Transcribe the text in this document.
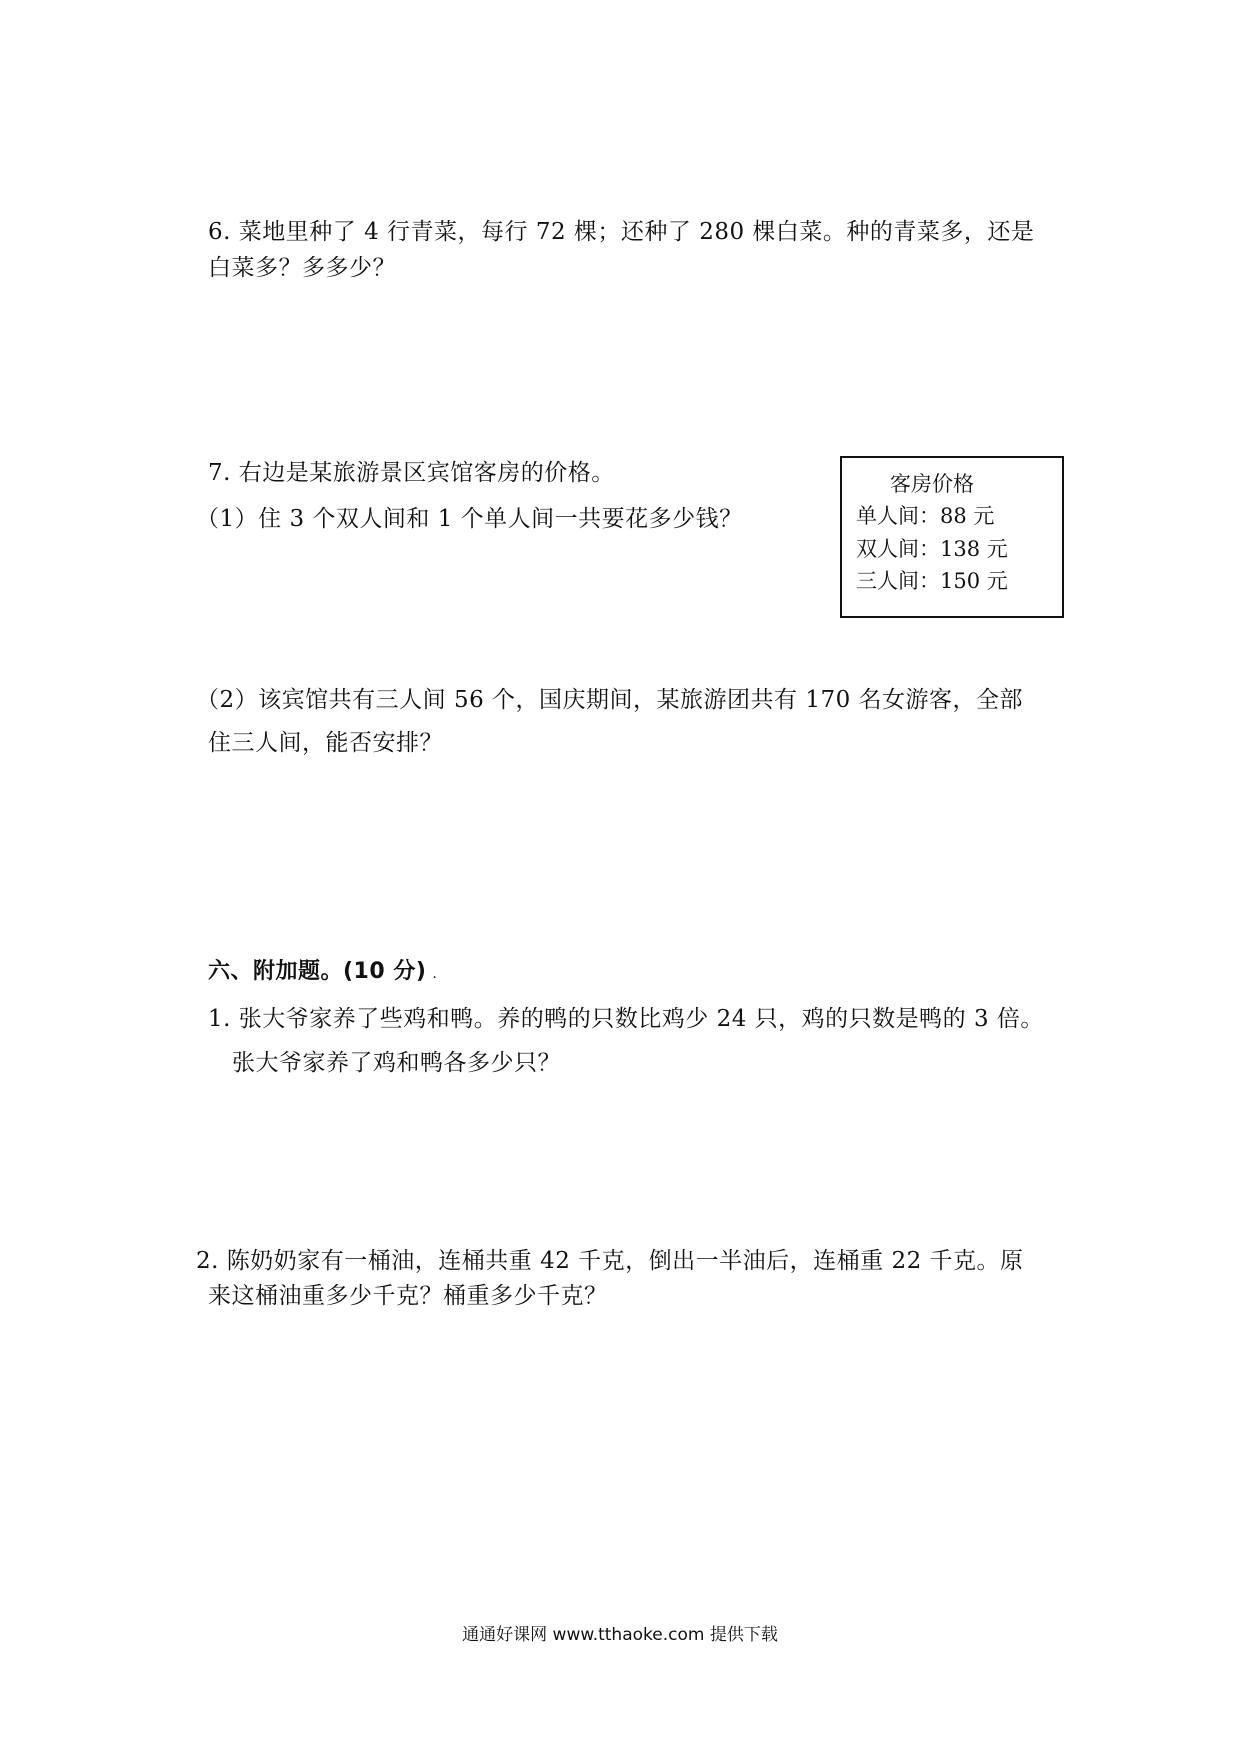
6. 菜地里种了 4 行青菜，每行 72 棵；还种了 280 棵白菜。种的青菜多，还是
白菜多？多多少？
7. 右边是某旅游景区宾馆客房的价格。
（1）住 3 个双人间和 1 个单人间一共要花多少钱？
客房价格
单人间：88 元
双人间：138 元
三人间：150 元
（2）该宾馆共有三人间 56 个，国庆期间，某旅游团共有 170 名女游客，全部
住三人间，能否安排？
六、附加题。(10 分) .
1. 张大爷家养了些鸡和鸭。养的鸭的只数比鸡少 24 只，鸡的只数是鸭的 3 倍。
张大爷家养了鸡和鸭各多少只？
2. 陈奶奶家有一桶油，连桶共重 42 千克，倒出一半油后，连桶重 22 千克。原
来这桶油重多少千克？桶重多少千克？
通通好课网 www.tthaoke.com 提供下载
